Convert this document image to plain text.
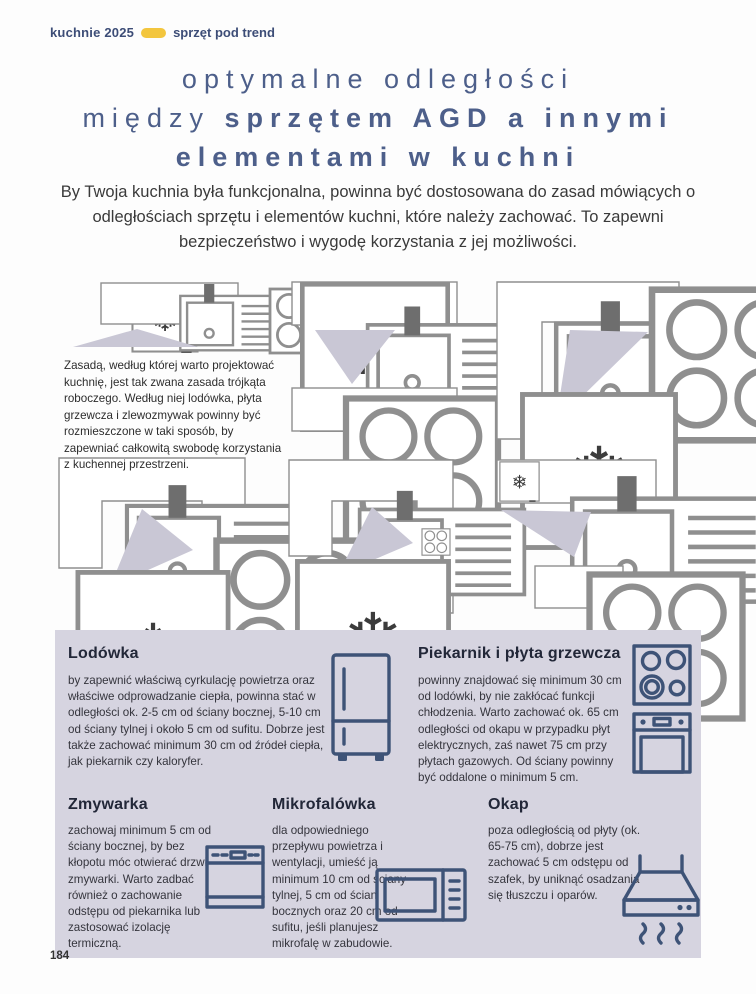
kuchnie 2025	sprzęt pod trend
optymalne odległości
między sprzętem AGD a innymi
elementami w kuchni
By Twoja kuchnia była funkcjonalna, powinna być dostosowana do zasad mówiących o odległościach sprzętu i elementów kuchni, które należy zachować. To zapewni bezpieczeństwo i wygodę korzystania z jej możliwości.
Zasadą, według której warto projektować kuchnię, jest tak zwana zasada trójkąta roboczego. Według niej lodówka, płyta grzewcza i zlewozmywak powinny być rozmieszczone w taki sposób, by zapewniać całkowitą swobodę korzystania z kuchennej przestrzeni.
Lodówka
by zapewnić właściwą cyrkulację powietrza oraz właściwe odprowadzanie ciepła, powinna stać w odległości ok. 2-5 cm od ściany bocznej, 5-10 cm od ściany tylnej i około 5 cm od sufitu. Dobrze jest także zachować minimum 30 cm od źródeł ciepła, jak piekarnik czy kaloryfer.
Piekarnik i płyta grzewcza
powinny znajdować się minimum 30 cm od lodówki, by nie zakłócać funkcji chłodzenia. Warto zachować ok. 65 cm odległości od okapu w przypadku płyt elektrycznych, zaś nawet 75 cm przy płytach gazowych. Od ściany powinny być oddalone o minimum 5 cm.
Zmywarka
zachowaj minimum 5 cm od ściany bocznej, by bez kłopotu móc otwierać drzwi zmywarki. Warto zadbać również o zachowanie odstępu od piekarnika lub zastosować izolację termiczną.
Mikrofalówka
dla odpowiedniego przepływu powietrza i wentylacji, umieść ją minimum 10 cm od ściany tylnej, 5 cm od ścian bocznych oraz 20 cm od sufitu, jeśli planujesz mikrofalę w zabudowie.
Okap
poza odległością od płyty (ok. 65-75 cm), dobrze jest zachować 5 cm odstępu od szafek, by uniknąć osadzania się tłuszczu i oparów.
184
